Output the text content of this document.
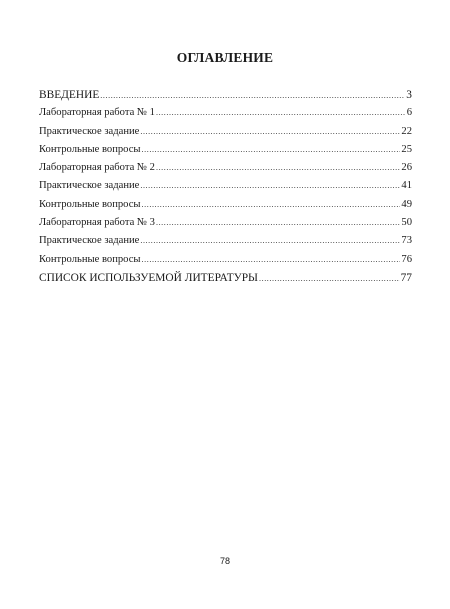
ОГЛАВЛЕНИЕ
ВВЕДЕНИЕ .....	3
Лабораторная работа № 1 .....	6
Практическое задание .....	22
Контрольные вопросы .....	25
Лабораторная работа № 2 .....	26
Практическое задание .....	41
Контрольные вопросы .....	49
Лабораторная работа № 3 .....	50
Практическое задание .....	73
Контрольные вопросы .....	76
СПИСОК ИСПОЛЬЗУЕМОЙ ЛИТЕРАТУРЫ .....	77
78
